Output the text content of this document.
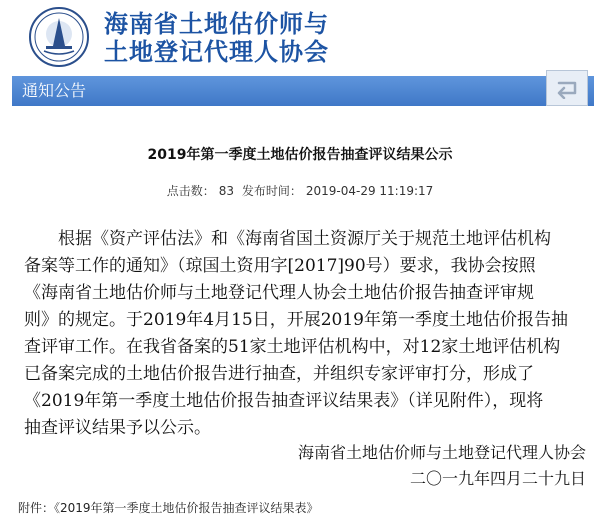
海南省土地估价师与
土地登记代理人协会
通知公告
2019年第一季度土地估价报告抽查评议结果公示
点击数： 83 发布时间： 2019-04-29 11:19:17
　　根据《资产评估法》和《海南省国土资源厅关于规范土地评估机构
备案等工作的通知》（琼国土资用字[2017]90号）要求，我协会按照
《海南省土地估价师与土地登记代理人协会土地估价报告抽查评审规
则》的规定。于2019年4月15日，开展2019年第一季度土地估价报告抽
查评审工作。在我省备案的51家土地评估机构中，对12家土地评估机构
已备案完成的土地估价报告进行抽查，并组织专家评审打分，形成了
《2019年第一季度土地估价报告抽查评议结果表》（详见附件），现将
抽查评议结果予以公示。
海南省土地估价师与土地登记代理人协会
二〇一九年四月二十九日
附件：《2019年第一季度土地估价报告抽查评议结果表》
